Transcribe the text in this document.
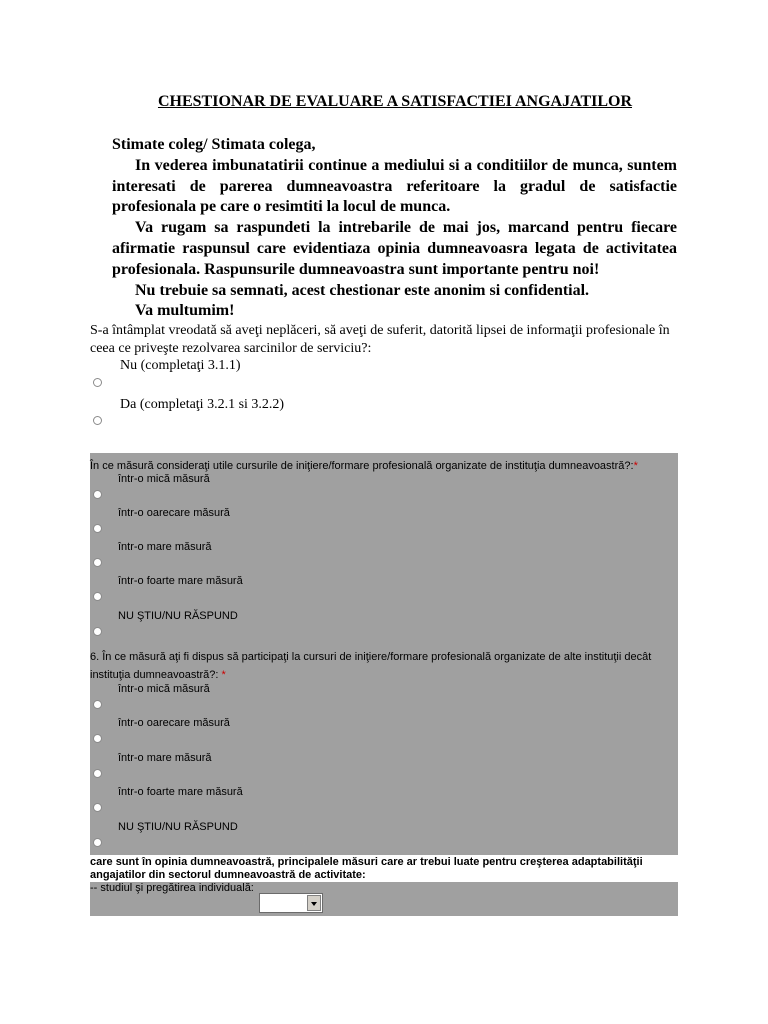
CHESTIONAR DE EVALUARE A SATISFACTIEI ANGAJATILOR

Stimate coleg/ Stimata colega,

In vederea imbunatatirii continue a mediului si a conditiilor de munca, suntem interesati de parerea dumneavoastra referitoare la gradul de satisfactie profesionala pe care o resimtiti la locul de munca.

Va rugam sa raspundeti la intrebarile de mai jos, marcand pentru fiecare afirmatie raspunsul care evidentiaza opinia dumneavoasra legata de activitatea profesionala. Raspunsurile dumneavoastra sunt importante pentru noi!

Nu trebuie sa semnati, acest chestionar este anonim si confidential.

Va multumim!

S-a întâmplat vreodată să aveţi neplăceri, să aveţi de suferit, datorită lipsei de informaţii profesionale în ceea ce priveşte rezolvarea sarcinilor de serviciu?:
Nu (completaţi 3.1.1)
Da (completaţi 3.2.1 si 3.2.2)
În ce măsură consideraţi utile cursurile de iniţiere/formare profesională organizate de instituţia dumneavoastră?:*
într-o mică măsură
într-o oarecare măsură
într-o mare măsură
într-o foarte mare măsură
NU ŞTIU/NU RĂSPUND
6. În ce măsură aţi fi dispus să participaţi la cursuri de iniţiere/formare profesională organizate de alte instituţii decât
instituţia dumneavoastră?: *
într-o mică măsură
într-o oarecare măsură
într-o mare măsură
într-o foarte mare măsură
NU ŞTIU/NU RĂSPUND
care sunt în opinia dumneavoastră, principalele măsuri care ar trebui luate pentru creşterea adaptabilităţii
angajatilor din sectorul dumneavoastră de activitate:
-- studiul şi pregătirea individuală:
